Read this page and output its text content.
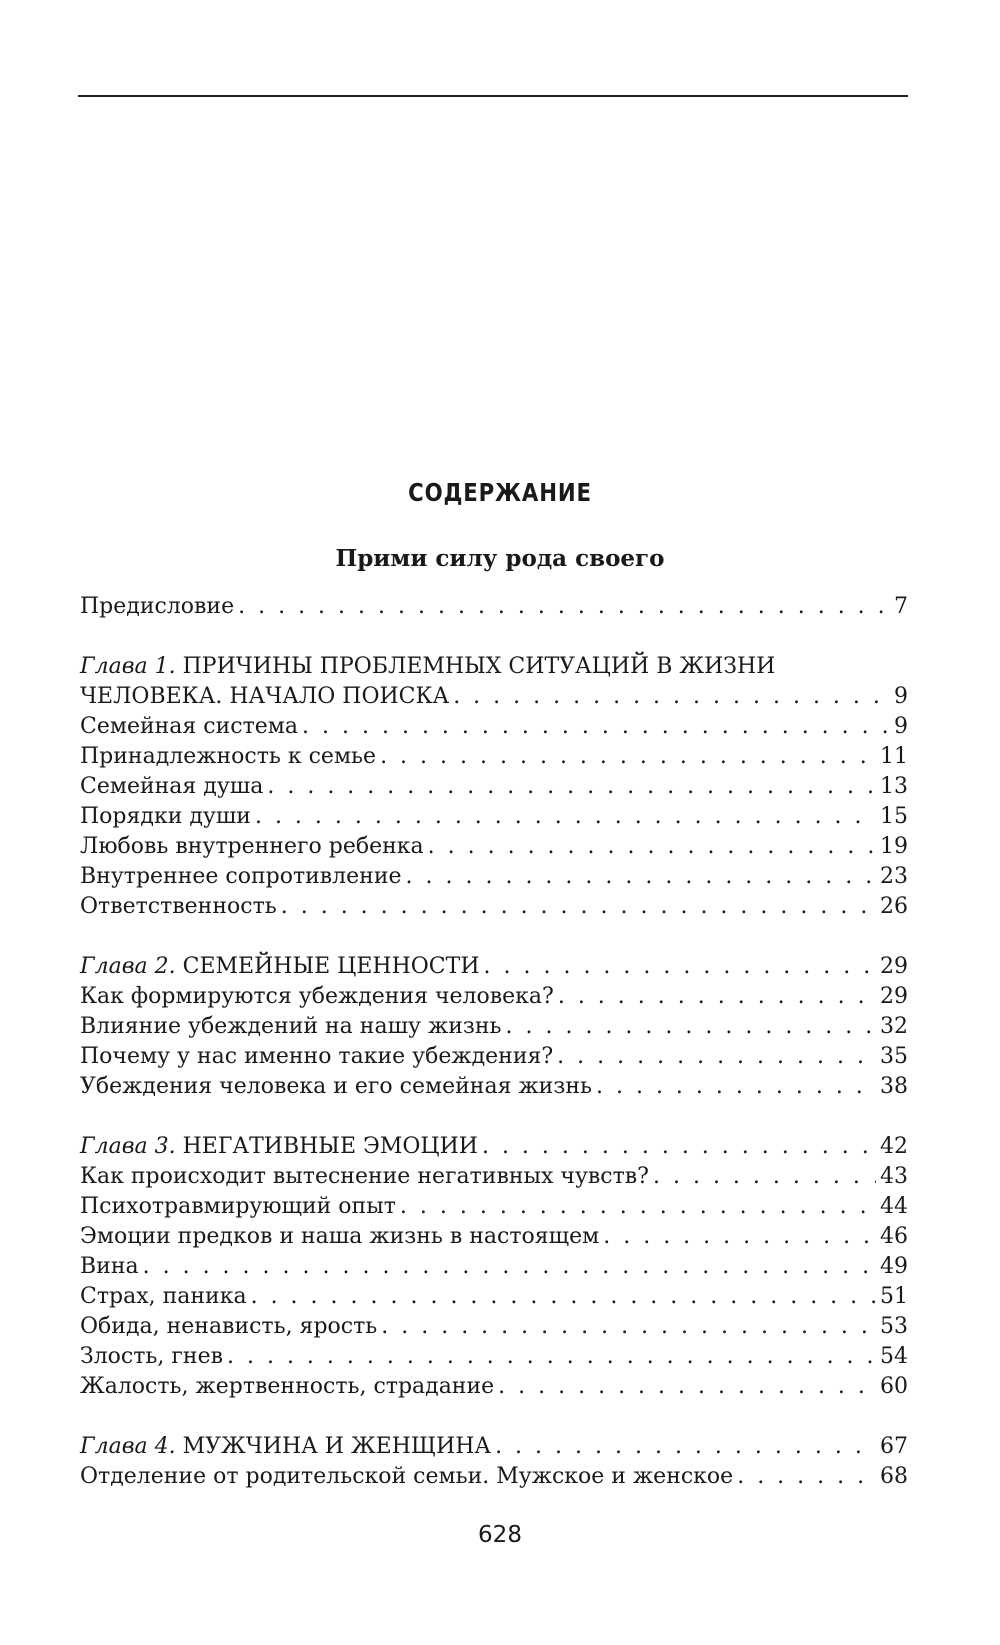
СОДЕРЖАНИЕ
Прими силу рода своего
Предисловие . . .	7
Глава 1. ПРИЧИНЫ ПРОБЛЕМНЫХ СИТУАЦИЙ В ЖИЗНИ
ЧЕЛОВЕКА. НАЧАЛО ПОИСКА . . .	9
Семейная система . . .	9
Принадлежность к семье . . .	11
Семейная душа . . .	13
Порядки души . . .	15
Любовь внутреннего ребенка . . .	19
Внутреннее сопротивление . . .	23
Ответственность . . .	26
Глава 2. СЕМЕЙНЫЕ ЦЕННОСТИ . . .	29
Как формируются убеждения человека? . . .	29
Влияние убеждений на нашу жизнь . . .	32
Почему у нас именно такие убеждения? . . .	35
Убеждения человека и его семейная жизнь . . .	38
Глава 3. НЕГАТИВНЫЕ ЭМОЦИИ . . .	42
Как происходит вытеснение негативных чувств? . . .	43
Психотравмирующий опыт . . .	44
Эмоции предков и наша жизнь в настоящем . . .	46
Вина . . .	49
Страх, паника . . .	51
Обида, ненависть, ярость . . .	53
Злость, гнев . . .	54
Жалость, жертвенность, страдание . . .	60
Глава 4. МУЖЧИНА И ЖЕНЩИНА . . .	67
Отделение от родительской семьи. Мужское и женское . . .	68
628
